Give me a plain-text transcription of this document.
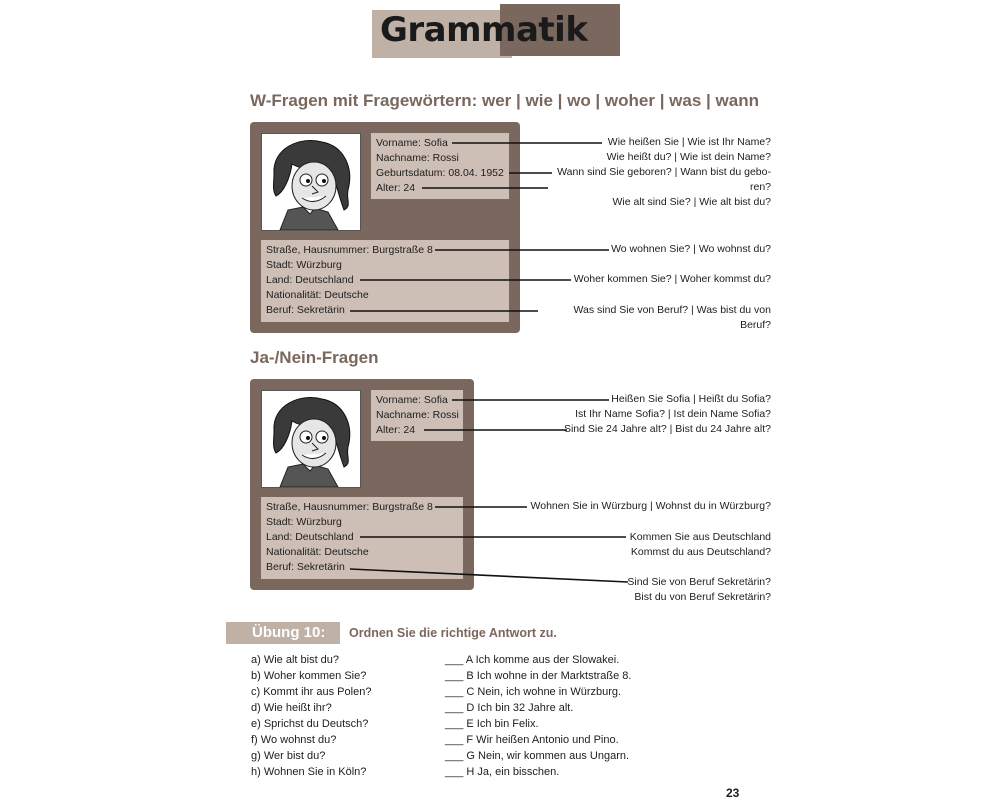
Grammatik
W-Fragen mit Fragewörtern: wer | wie | wo | woher | was | wann
Vorname: Sofia
Nachname: Rossi
Geburtsdatum: 08.04. 1952
Alter: 24
Straße, Hausnummer: Burgstraße 8
Stadt: Würzburg
Land: Deutschland
Nationalität: Deutsche
Beruf: Sekretärin
Wie heißen Sie | Wie ist Ihr Name?
Wie heißt du? | Wie ist dein Name?
Wann sind Sie geboren? | Wann bist du gebo-
ren?
Wie alt sind Sie? | Wie alt bist du?
Wo wohnen Sie? | Wo wohnst du?
Woher kommen Sie? | Woher kommst du?
Was sind Sie von Beruf? | Was bist du von
Beruf?
Ja-/Nein-Fragen
Vorname: Sofia
Nachname: Rossi
Alter: 24
Straße, Hausnummer: Burgstraße 8
Stadt: Würzburg
Land: Deutschland
Nationalität: Deutsche
Beruf: Sekretärin
Heißen Sie Sofia | Heißt du Sofia?
Ist Ihr Name Sofia? | Ist dein Name Sofia?
Sind Sie 24 Jahre alt? | Bist du 24 Jahre alt?
Wohnen Sie in Würzburg | Wohnst du in Würzburg?
Kommen Sie aus Deutschland
Kommst du aus Deutschland?
Sind Sie von Beruf Sekretärin?
Bist du von Beruf Sekretärin?
Übung 10: Ordnen Sie die richtige Antwort zu.
a) Wie alt bist du?
b) Woher kommen Sie?
c) Kommt ihr aus Polen?
d) Wie heißt ihr?
e) Sprichst du Deutsch?
f) Wo wohnst du?
g) Wer bist du?
h) Wohnen Sie in Köln?
___ A Ich komme aus der Slowakei.
___ B Ich wohne in der Marktstraße 8.
___ C Nein, ich wohne in Würzburg.
___ D Ich bin 32 Jahre alt.
___ E Ich bin Felix.
___ F Wir heißen Antonio und Pino.
___ G Nein, wir kommen aus Ungarn.
___ H Ja, ein bisschen.
23
